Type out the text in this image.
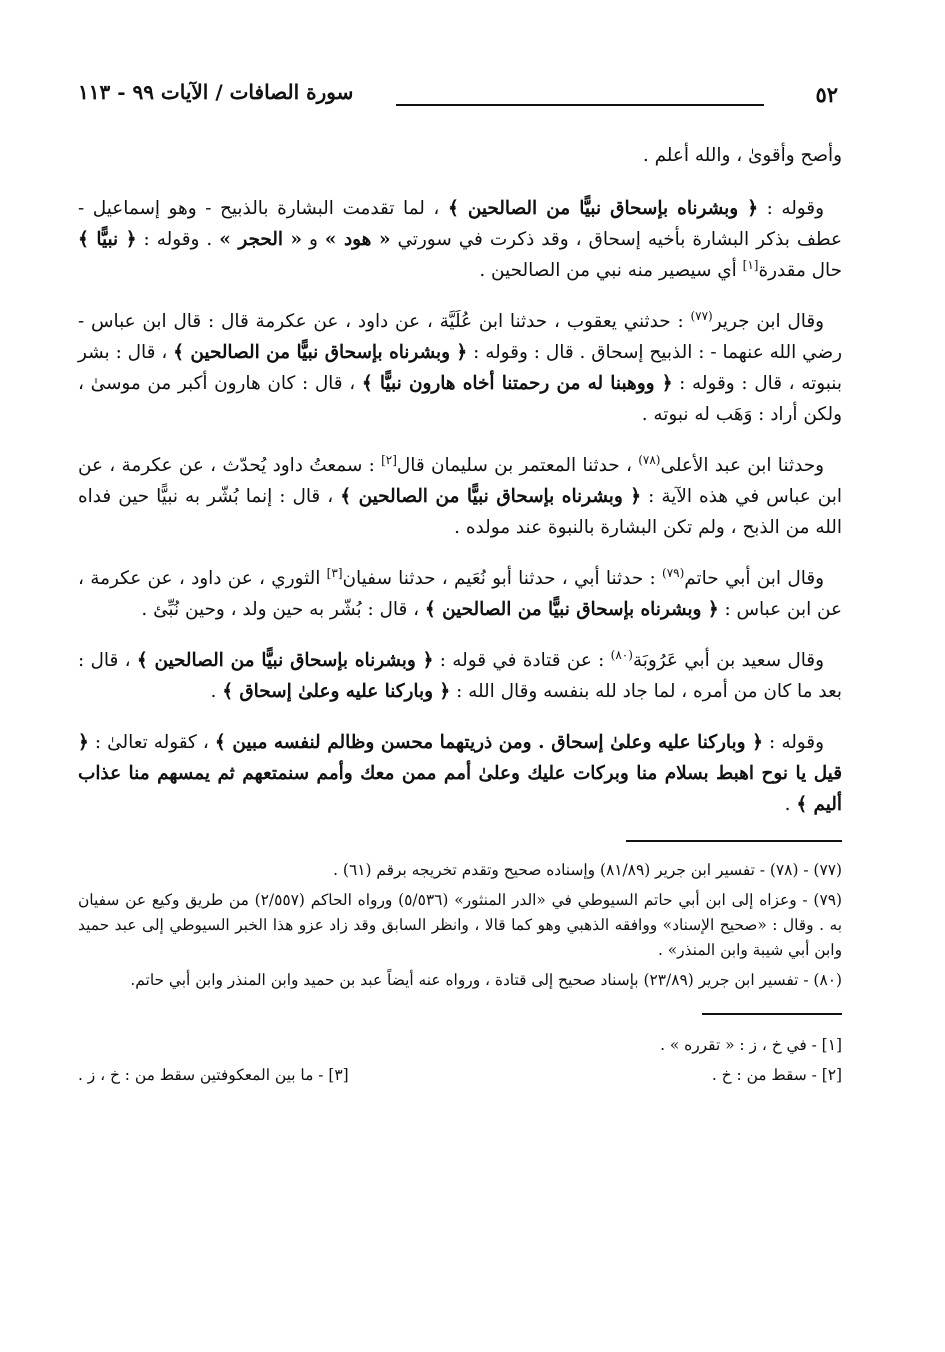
٥٢
سورة الصافات / الآيات ٩٩ - ١١٣

وأصح وأقوىٰ ، والله أعلم .

وقوله : ﴿ وبشرناه بإسحاق نبيًّا من الصالحين ﴾ ، لما تقدمت البشارة بالذبيح - وهو إسماعيل - عطف بذكر البشارة بأخيه إسحاق ، وقد ذكرت في سورتي « هود » و « الحجر » . وقوله : ﴿ نبيًّا ﴾ حال مقدرة[١] أي سيصير منه نبي من الصالحين .

وقال ابن جرير$^{(٧٧)}$ : حدثني يعقوب ، حدثنا ابن عُلَيَّة ، عن داود ، عن عكرمة قال : قال ابن عباس - رضي الله عنهما - : الذبيح إسحاق . قال : وقوله : ﴿ وبشرناه بإسحاق نبيًّا من الصالحين ﴾ ، قال : بشر بنبوته ، قال : وقوله : ﴿ ووهبنا له من رحمتنا أخاه هارون نبيًّا ﴾ ، قال : كان هارون أكبر من موسىٰ ، ولكن أراد : وَهَب له نبوته .

وحدثنا ابن عبد الأعلى$^{(٧٨)}$ ، حدثنا المعتمر بن سليمان قال[٢] : سمعتُ داود يُحدّث ، عن عكرمة ، عن ابن عباس في هذه الآية : ﴿ وبشرناه بإسحاق نبيًّا من الصالحين ﴾ ، قال : إنما بُشّر به نبيًّا حين فداه الله من الذبح ، ولم تكن البشارة بالنبوة عند مولده .

وقال ابن أبي حاتم$^{(٧٩)}$ : حدثنا أبي ، حدثنا أبو نُعَيم ، حدثنا سفيان[٣] الثوري ، عن داود ، عن عكرمة ، عن ابن عباس : ﴿ وبشرناه بإسحاق نبيًّا من الصالحين ﴾ ، قال : بُشّر به حين ولد ، وحين نُبِّئ .

وقال سعيد بن أبي عَرُوبَة$^{(٨٠)}$ : عن قتادة في قوله : ﴿ وبشرناه بإسحاق نبيًّا من الصالحين ﴾ ، قال : بعد ما كان من أمره ، لما جاد لله بنفسه وقال الله : ﴿ وباركنا عليه وعلىٰ إسحاق ﴾ .

وقوله : ﴿ وباركنا عليه وعلىٰ إسحاق . ومن ذريتهما محسن وظالم لنفسه مبين ﴾ ، كقوله تعالىٰ : ﴿ قيل يا نوح اهبط بسلام منا وبركات عليك وعلىٰ أمم ممن معك وأمم سنمتعهم ثم يمسهم منا عذاب أليم ﴾ .

(٧٧) - (٧٨) - تفسير ابن جرير (٨١/٨٩) وإسناده صحيح وتقدم تخريجه برقم (٦١) .

(٧٩) - وعزاه إلى ابن أبي حاتم السيوطي في «الدر المنثور» (٥/٥٣٦) ورواه الحاكم (٢/٥٥٧) من طريق وكيع عن سفيان به . وقال : «صحيح الإسناد» ووافقه الذهبي وهو كما قالا ، وانظر السابق وقد زاد عزو هذا الخبر السيوطي إلى عبد حميد وابن أبي شيبة وابن المنذر» .

(٨٠) - تفسير ابن جرير (٢٣/٨٩) بإسناد صحيح إلى قتادة ، ورواه عنه أيضاً عبد بن حميد وابن المنذر وابن أبي حاتم.

[١] - في خ ، ز : « تقرره » .
[٢] - سقط من : خ .
[٣] - ما بين المعكوفتين سقط من : خ ، ز .
